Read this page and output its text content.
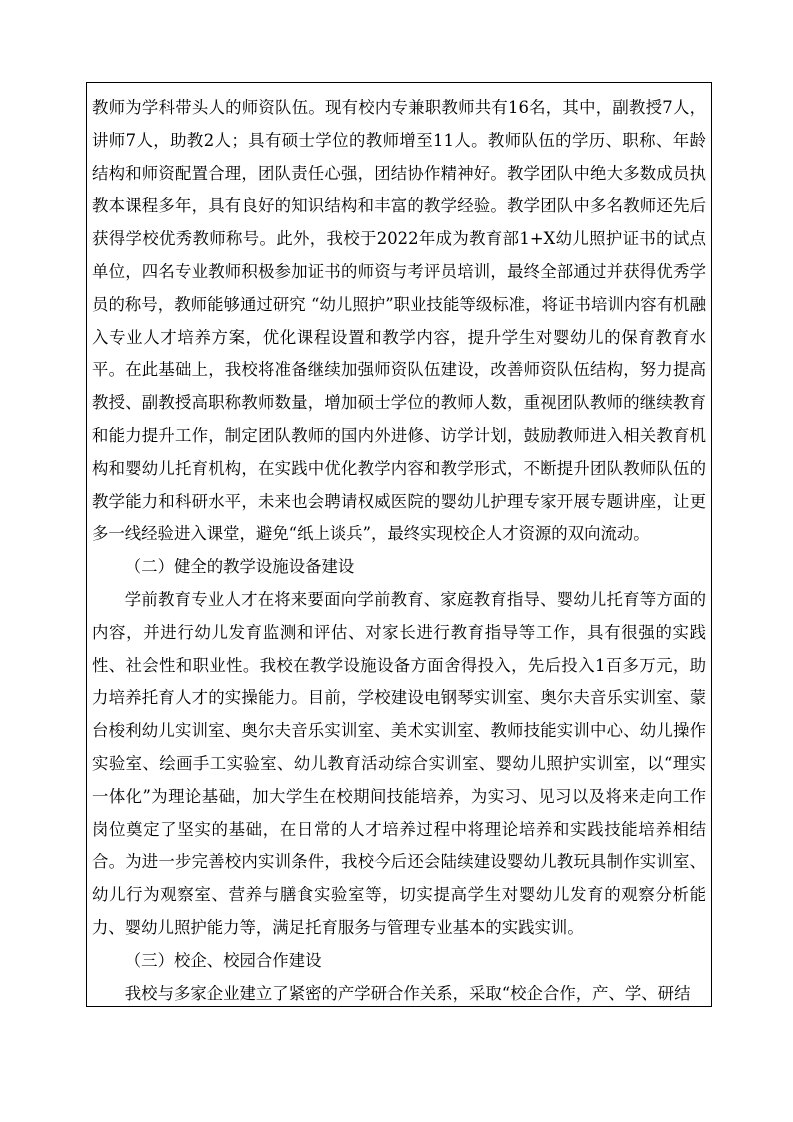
教师为学科带头人的师资队伍。现有校内专兼职教师共有16名，其中，副教授7人，讲师7人，助教2人；具有硕士学位的教师增至11人。教师队伍的学历、职称、年龄结构和师资配置合理，团队责任心强，团结协作精神好。教学团队中绝大多数成员执教本课程多年，具有良好的知识结构和丰富的教学经验。教学团队中多名教师还先后获得学校优秀教师称号。此外，我校于2022年成为教育部1+X幼儿照护证书的试点单位，四名专业教师积极参加证书的师资与考评员培训，最终全部通过并获得优秀学员的称号，教师能够通过研究 “幼儿照护”职业技能等级标准，将证书培训内容有机融入专业人才培养方案，优化课程设置和教学内容，提升学生对婴幼儿的保育教育水平。在此基础上，我校将准备继续加强师资队伍建设，改善师资队伍结构，努力提高教授、副教授高职称教师数量，增加硕士学位的教师人数，重视团队教师的继续教育和能力提升工作，制定团队教师的国内外进修、访学计划，鼓励教师进入相关教育机构和婴幼儿托育机构，在实践中优化教学内容和教学形式，不断提升团队教师队伍的教学能力和科研水平，未来也会聘请权威医院的婴幼儿护理专家开展专题讲座，让更多一线经验进入课堂，避免“纸上谈兵”，最终实现校企人才资源的双向流动。

（二）健全的教学设施设备建设

学前教育专业人才在将来要面向学前教育、家庭教育指导、婴幼儿托育等方面的内容，并进行幼儿发育监测和评估、对家长进行教育指导等工作，具有很强的实践性、社会性和职业性。我校在教学设施设备方面舍得投入，先后投入1百多万元，助力培养托育人才的实操能力。目前，学校建设电钢琴实训室、奥尔夫音乐实训室、蒙台梭利幼儿实训室、奥尔夫音乐实训室、美术实训室、教师技能实训中心、幼儿操作实验室、绘画手工实验室、幼儿教育活动综合实训室、婴幼儿照护实训室，以“理实一体化”为理论基础，加大学生在校期间技能培养，为实习、见习以及将来走向工作岗位奠定了坚实的基础，在日常的人才培养过程中将理论培养和实践技能培养相结合。为进一步完善校内实训条件，我校今后还会陆续建设婴幼儿教玩具制作实训室、幼儿行为观察室、营养与膳食实验室等，切实提高学生对婴幼儿发育的观察分析能力、婴幼儿照护能力等，满足托育服务与管理专业基本的实践实训。

（三）校企、校园合作建设

我校与多家企业建立了紧密的产学研合作关系，采取“校企合作，产、学、研结
